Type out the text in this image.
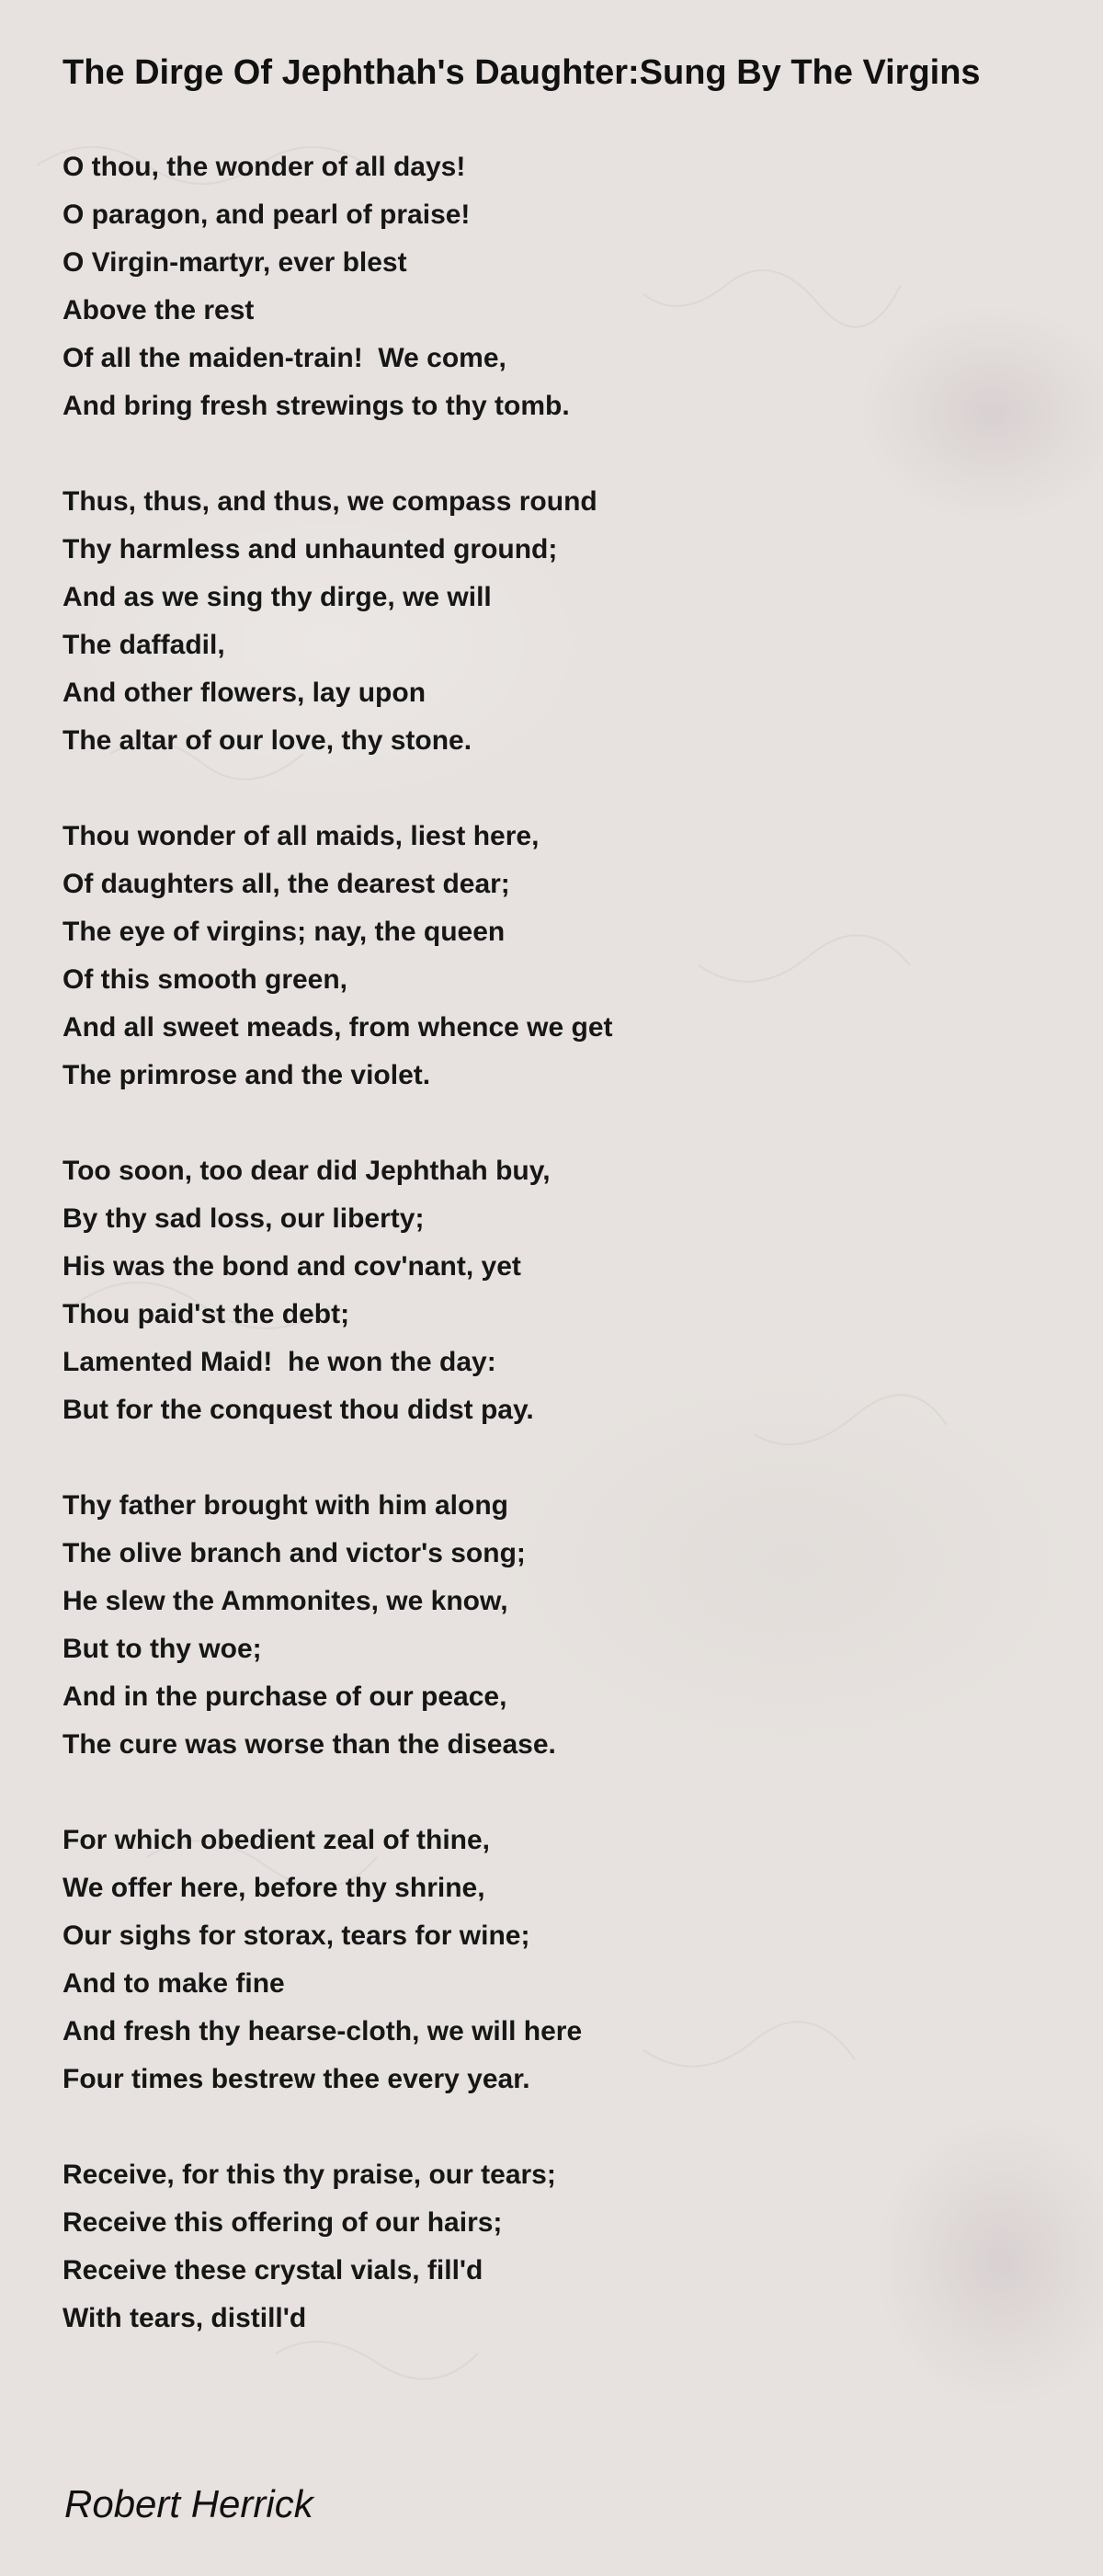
The Dirge Of Jephthah's Daughter:Sung By The Virgins
O thou, the wonder of all days!
O paragon, and pearl of praise!
O Virgin-martyr, ever blest
Above the rest
Of all the maiden-train!  We come,
And bring fresh strewings to thy tomb.
Thus, thus, and thus, we compass round
Thy harmless and unhaunted ground;
And as we sing thy dirge, we will
The daffadil,
And other flowers, lay upon
The altar of our love, thy stone.
Thou wonder of all maids, liest here,
Of daughters all, the dearest dear;
The eye of virgins; nay, the queen
Of this smooth green,
And all sweet meads, from whence we get
The primrose and the violet.
Too soon, too dear did Jephthah buy,
By thy sad loss, our liberty;
His was the bond and cov'nant, yet
Thou paid'st the debt;
Lamented Maid!  he won the day:
But for the conquest thou didst pay.
Thy father brought with him along
The olive branch and victor's song;
He slew the Ammonites, we know,
But to thy woe;
And in the purchase of our peace,
The cure was worse than the disease.
For which obedient zeal of thine,
We offer here, before thy shrine,
Our sighs for storax, tears for wine;
And to make fine
And fresh thy hearse-cloth, we will here
Four times bestrew thee every year.
Receive, for this thy praise, our tears;
Receive this offering of our hairs;
Receive these crystal vials, fill'd
With tears, distill'd
Robert Herrick
